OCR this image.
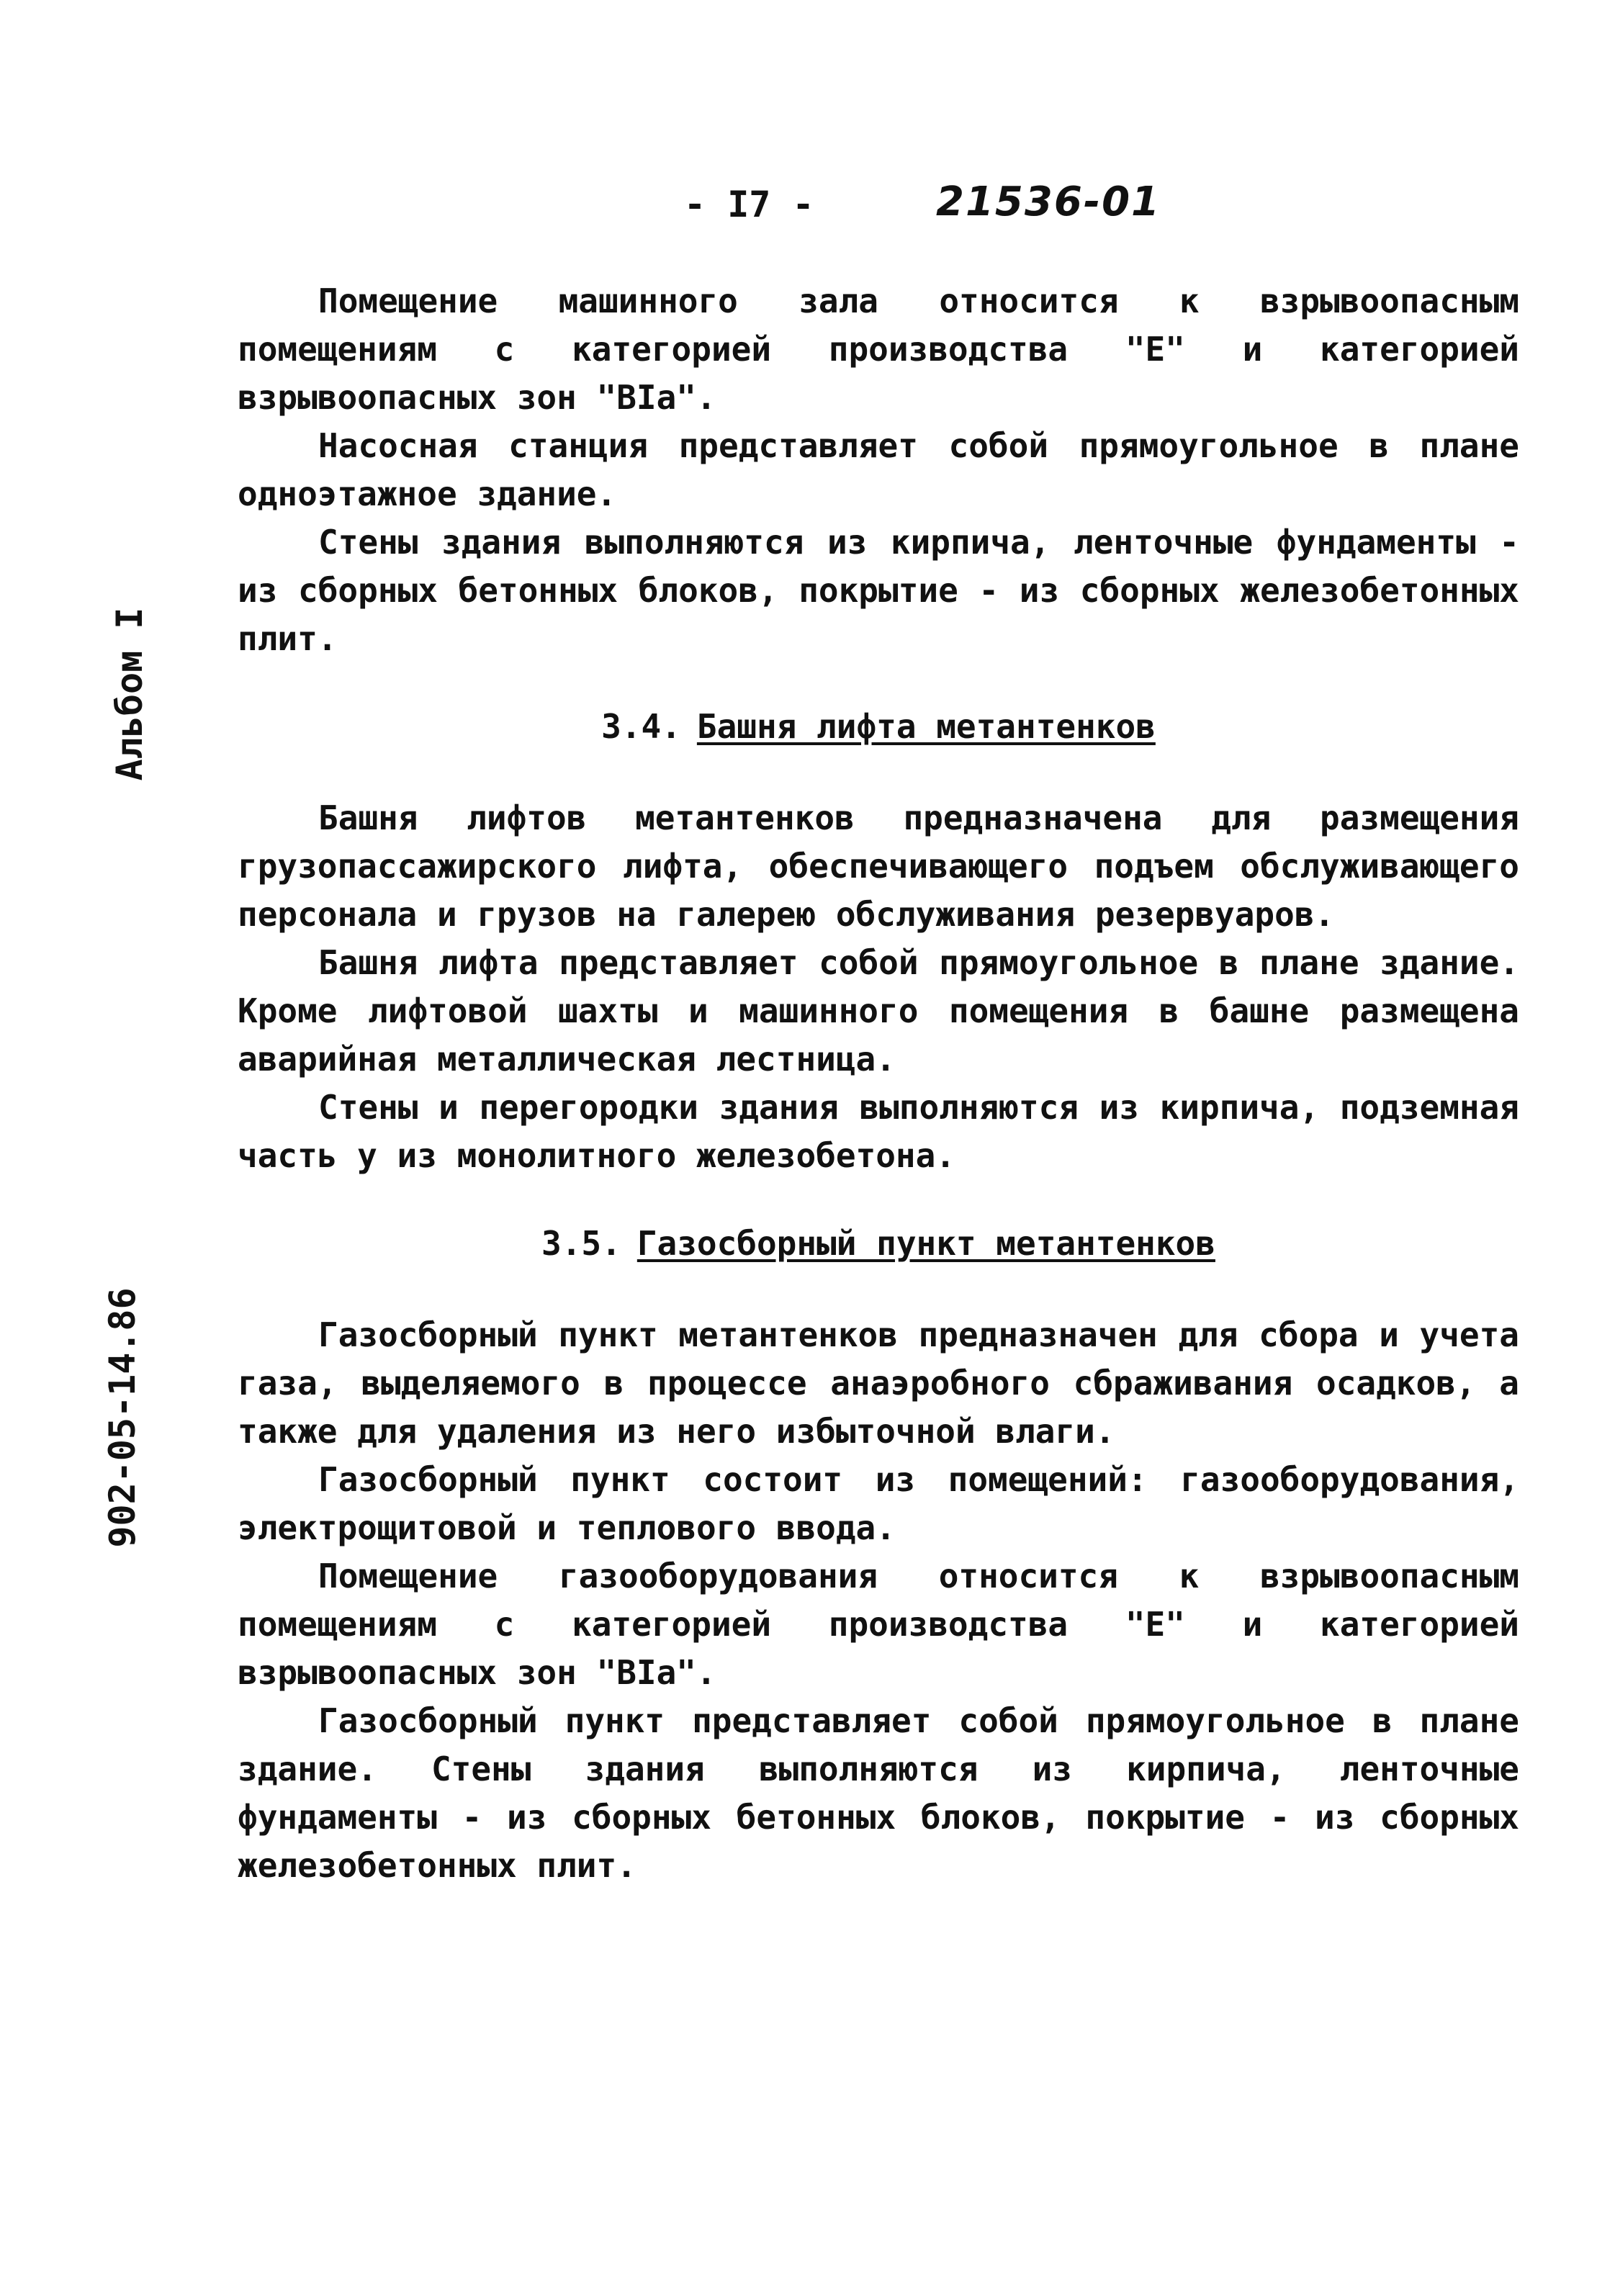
- I7 -	21536-01
Альбом I
902-05-14.86

Помещение машинного зала относится к взрывоопасным помещениям с категорией производства "Е" и категорией взрывоопасных зон "ВIа".

Насосная станция представляет собой прямоугольное в плане одноэтажное здание.

Стены здания выполняются из кирпича, ленточные фундаменты - из сборных бетонных блоков, покрытие - из сборных железобетонных плит.

3.4. Башня лифта метантенков

Башня лифтов метантенков предназначена для размещения грузопассажирского лифта, обеспечивающего подъем обслуживающего персонала и грузов на галерею обслуживания резервуаров.

Башня лифта представляет собой прямоугольное в плане здание. Кроме лифтовой шахты и машинного помещения в башне размещена аварийная металлическая лестница.

Стены и перегородки здания выполняются из кирпича, подземная часть у из монолитного железобетона.

3.5. Газосборный пункт метантенков

Газосборный пункт метантенков предназначен для сбора и учета газа, выделяемого в процессе анаэробного сбраживания осадков, а также для удаления из него избыточной влаги.

Газосборный пункт состоит из помещений: газооборудования, электрощитовой и теплового ввода.

Помещение газооборудования относится к взрывоопасным помещениям с категорией производства "Е" и категорией взрывоопасных зон "ВIа".

Газосборный пункт представляет собой прямоугольное в плане здание. Стены здания выполняются из кирпича, ленточные фундаменты - из сборных бетонных блоков, покрытие - из сборных железобетонных плит.
